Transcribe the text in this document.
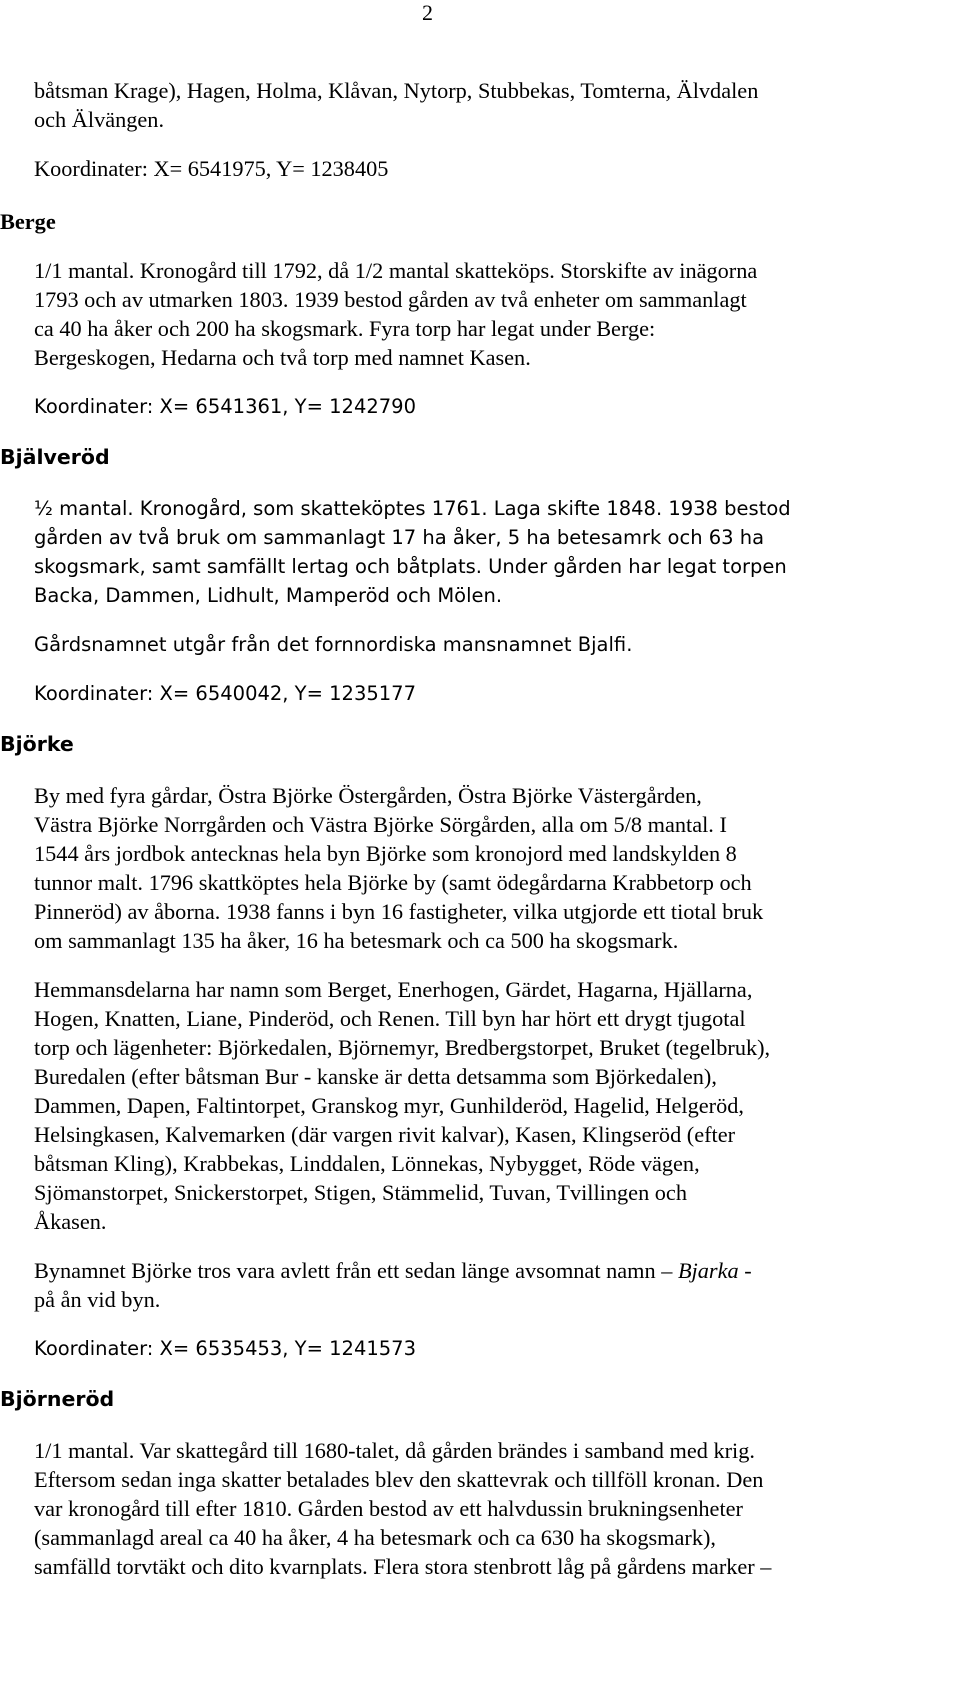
2
båtsman Krage), Hagen, Holma, Klåvan, Nytorp, Stubbekas, Tomterna, Älvdalen
och Älvängen.
Koordinater: X= 6541975, Y= 1238405
Berge
1/1 mantal. Kronogård till 1792, då 1/2 mantal skatteköps. Storskifte av inägorna
1793 och av utmarken 1803. 1939 bestod gården av två enheter om sammanlagt
ca 40 ha åker och 200 ha skogsmark. Fyra torp har legat under Berge:
Bergeskogen, Hedarna och två torp med namnet Kasen.
Koordinater: X= 6541361, Y= 1242790
Bjälveröd
½ mantal. Kronogård, som skatteköptes 1761. Laga skifte 1848. 1938 bestod
gården av två bruk om sammanlagt 17 ha åker, 5 ha betesamrk och 63 ha
skogsmark, samt samfällt lertag och båtplats. Under gården har legat torpen
Backa, Dammen, Lidhult, Mamperöd och Mölen.
Gårdsnamnet utgår från det fornnordiska mansnamnet Bjalfi.
Koordinater: X= 6540042, Y= 1235177
Björke
By med fyra gårdar, Östra Björke Östergården, Östra Björke Västergården,
Västra Björke Norrgården och Västra Björke Sörgården, alla om 5/8 mantal. I
1544 års jordbok antecknas hela byn Björke som kronojord med landskylden 8
tunnor malt. 1796 skattköptes hela Björke by (samt ödegårdarna Krabbetorp och
Pinneröd) av åborna. 1938 fanns i byn 16 fastigheter, vilka utgjorde ett tiotal bruk
om sammanlagt 135 ha åker, 16 ha betesmark och ca 500 ha skogsmark.
Hemmansdelarna har namn som Berget, Enerhogen, Gärdet, Hagarna, Hjällarna,
Hogen, Knatten, Liane, Pinderöd, och Renen. Till byn har hört ett drygt tjugotal
torp och lägenheter: Björkedalen, Björnemyr, Bredbergstorpet, Bruket (tegelbruk),
Buredalen (efter båtsman Bur - kanske är detta detsamma som Björkedalen),
Dammen, Dapen, Faltintorpet, Granskog myr, Gunhilderöd, Hagelid, Helgeröd,
Helsingkasen, Kalvemarken (där vargen rivit kalvar), Kasen, Klingseröd (efter
båtsman Kling), Krabbekas, Linddalen, Lönnekas, Nybygget, Röde vägen,
Sjömanstorpet, Snickerstorpet, Stigen, Stämmelid, Tuvan, Tvillingen och
Åkasen.
Bynamnet Björke tros vara avlett från ett sedan länge avsomnat namn – Bjarka -
på ån vid byn.
Koordinater: X= 6535453, Y= 1241573
Björneröd
1/1 mantal. Var skattegård till 1680-talet, då gården brändes i samband med krig.
Eftersom sedan inga skatter betalades blev den skattevrak och tillföll kronan. Den
var kronogård till efter 1810. Gården bestod av ett halvdussin brukningsenheter
(sammanlagd areal ca 40 ha åker, 4 ha betesmark och ca 630 ha skogsmark),
samfälld torvtäkt och dito kvarnplats. Flera stora stenbrott låg på gårdens marker –
